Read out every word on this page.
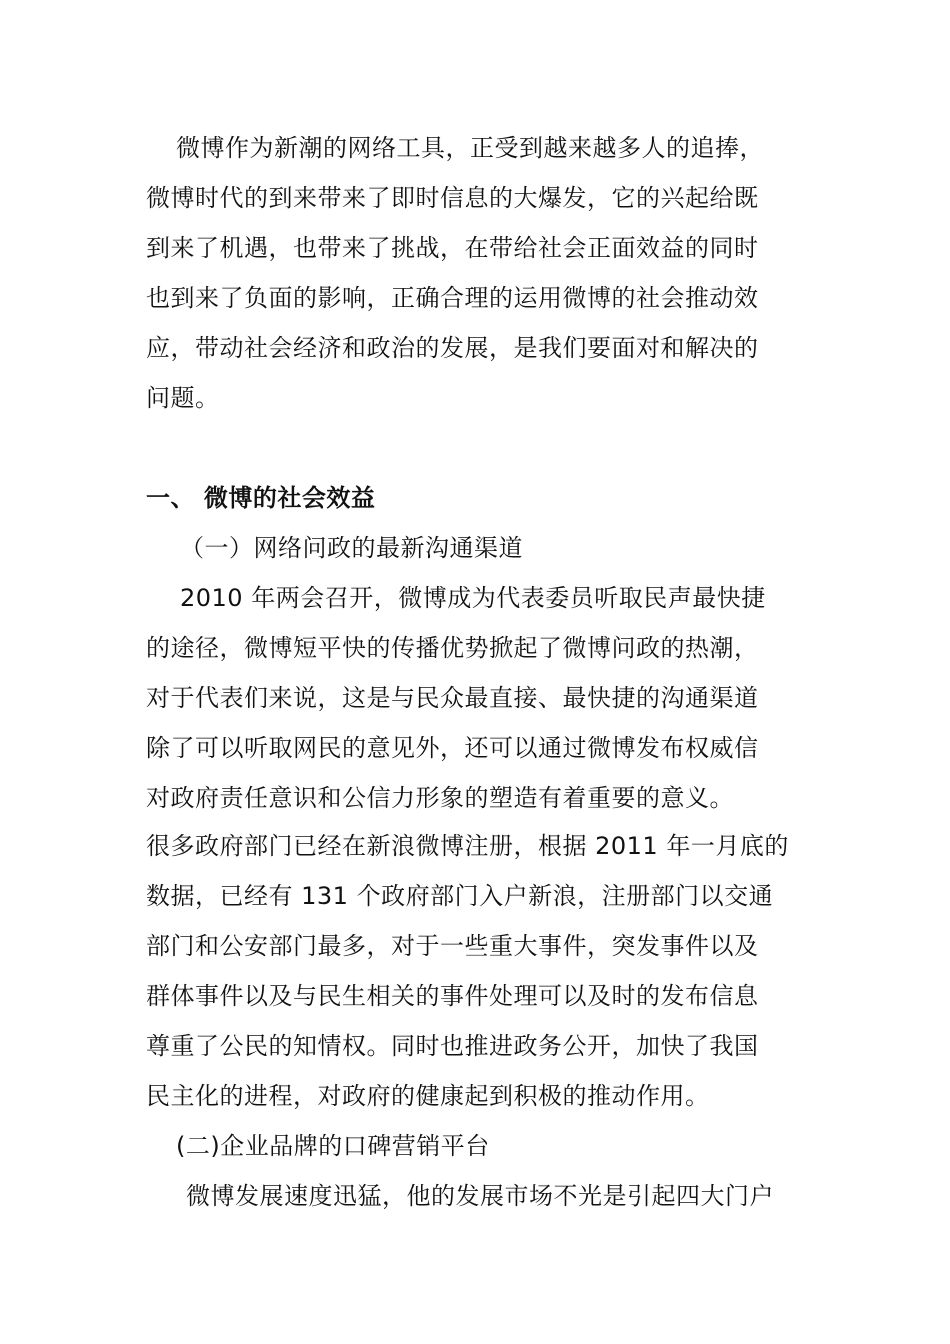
微博作为新潮的网络工具，正受到越来越多人的追捧，
微博时代的到来带来了即时信息的大爆发，它的兴起给既
到来了机遇，也带来了挑战，在带给社会正面效益的同时
也到来了负面的影响，正确合理的运用微博的社会推动效
应，带动社会经济和政治的发展，是我们要面对和解决的
问题。
一、 微博的社会效益
（一）网络问政的最新沟通渠道
2010 年两会召开，微博成为代表委员听取民声最快捷
的途径，微博短平快的传播优势掀起了微博问政的热潮，
对于代表们来说，这是与民众最直接、最快捷的沟通渠道
除了可以听取网民的意见外，还可以通过微博发布权威信
对政府责任意识和公信力形象的塑造有着重要的意义。
很多政府部门已经在新浪微博注册，根据 2011 年一月底的
数据，已经有 131 个政府部门入户新浪，注册部门以交通
部门和公安部门最多，对于一些重大事件，突发事件以及
群体事件以及与民生相关的事件处理可以及时的发布信息
尊重了公民的知情权。同时也推进政务公开，加快了我国
民主化的进程，对政府的健康起到积极的推动作用。
(二)企业品牌的口碑营销平台
微博发展速度迅猛，他的发展市场不光是引起四大门户
